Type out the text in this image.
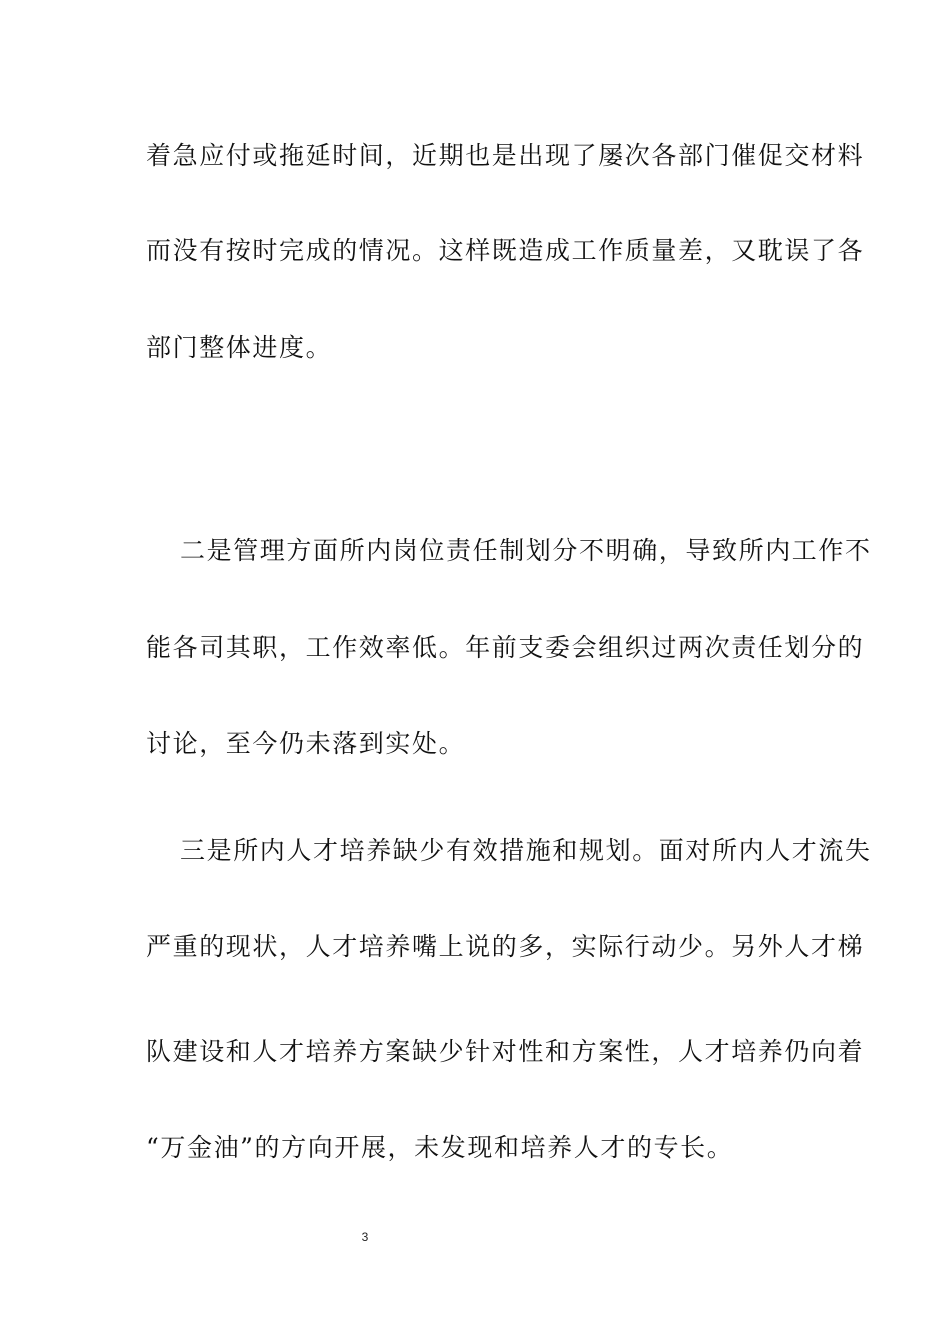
着急应付或拖延时间，近期也是出现了屡次各部门催促交材料
而没有按时完成的情况。这样既造成工作质量差，又耽误了各
部门整体进度。
二是管理方面所内岗位责任制划分不明确，导致所内工作不
能各司其职，工作效率低。年前支委会组织过两次责任划分的
讨论，至今仍未落到实处。
三是所内人才培养缺少有效措施和规划。面对所内人才流失
严重的现状，人才培养嘴上说的多，实际行动少。另外人才梯
队建设和人才培养方案缺少针对性和方案性，人才培养仍向着
“万金油”的方向开展，未发现和培养人才的专长。
3
